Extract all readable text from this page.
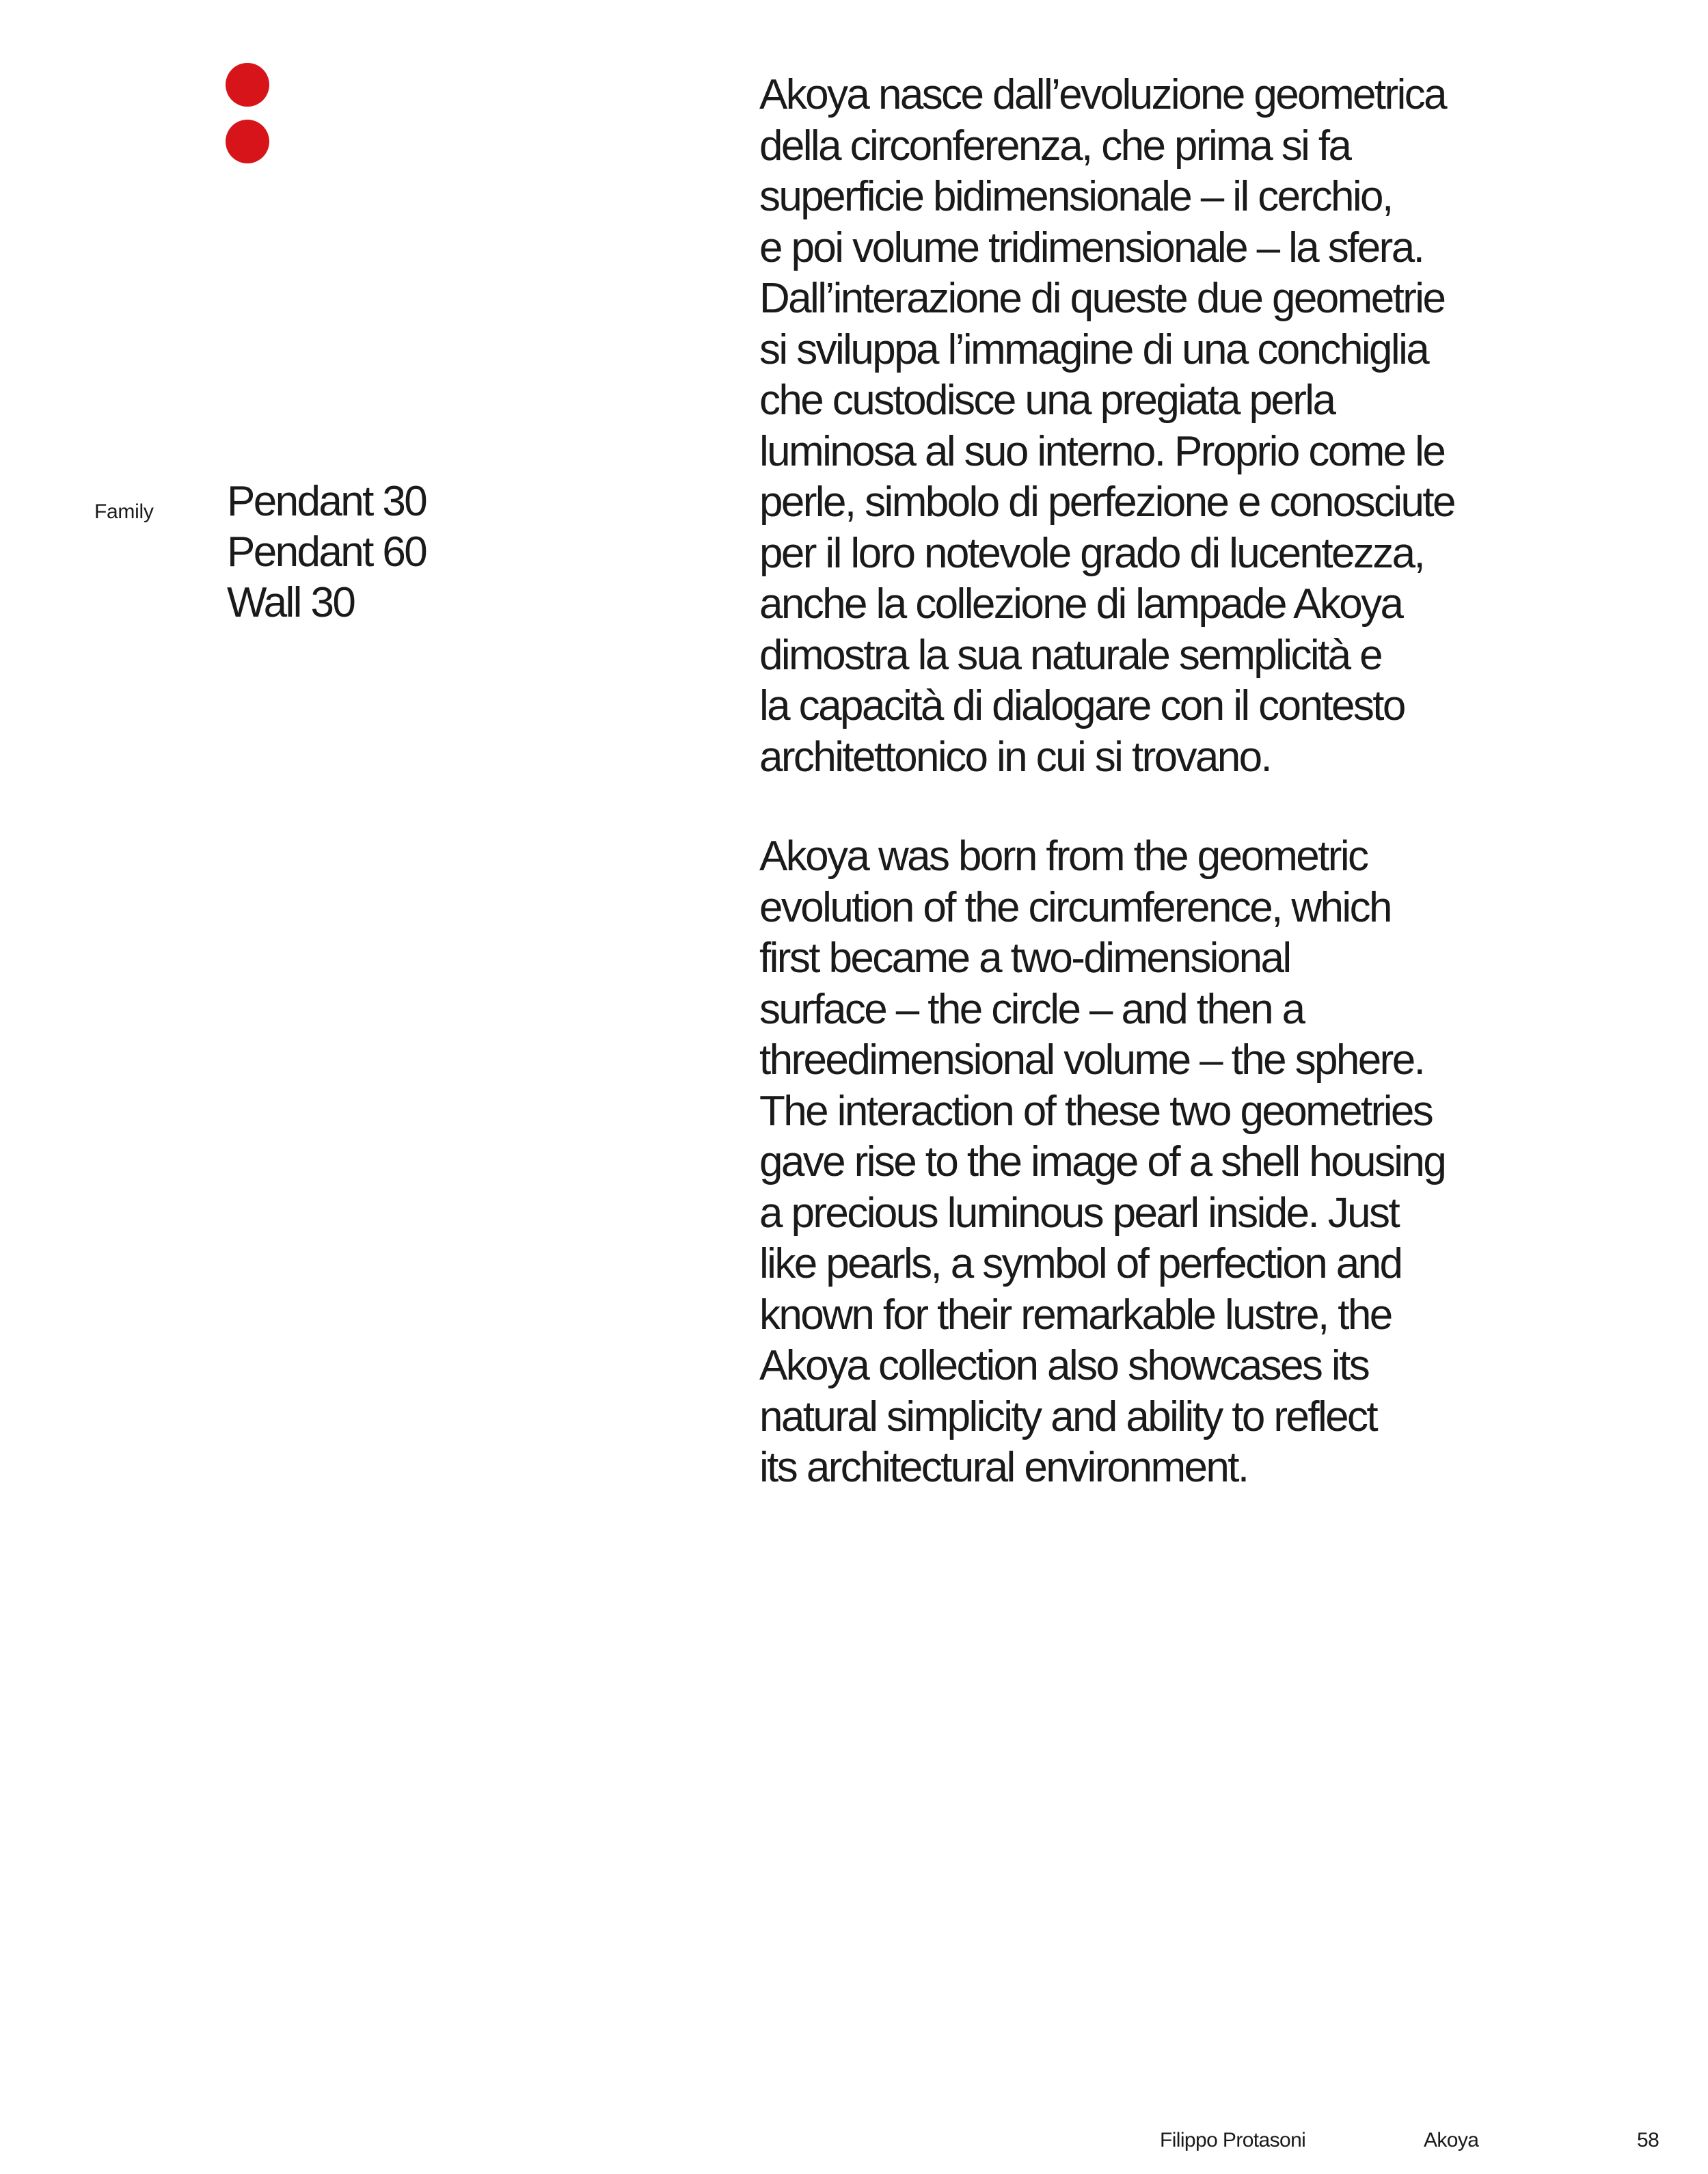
Family Pendant 30
Pendant 60
Wall 30

Akoya nasce dall’evoluzione geometrica
della circonferenza, che prima si fa
superficie bidimensionale – il cerchio,
e poi volume tridimensionale – la sfera.
Dall’interazione di queste due geometrie
si sviluppa l’immagine di una conchiglia
che custodisce una pregiata perla
luminosa al suo interno. Proprio come le
perle, simbolo di perfezione e conosciute
per il loro notevole grado di lucentezza,
anche la collezione di lampade Akoya
dimostra la sua naturale semplicità e
la capacità di dialogare con il contesto
architettonico in cui si trovano.

Akoya was born from the geometric
evolution of the circumference, which
first became a two-dimensional
surface – the circle – and then a
threedimensional volume – the sphere.
The interaction of these two geometries
gave rise to the image of a shell housing
a precious luminous pearl inside. Just
like pearls, a symbol of perfection and
known for their remarkable lustre, the
Akoya collection also showcases its
natural simplicity and ability to reflect
its architectural environment.

Filippo Protasoni	Akoya	58
